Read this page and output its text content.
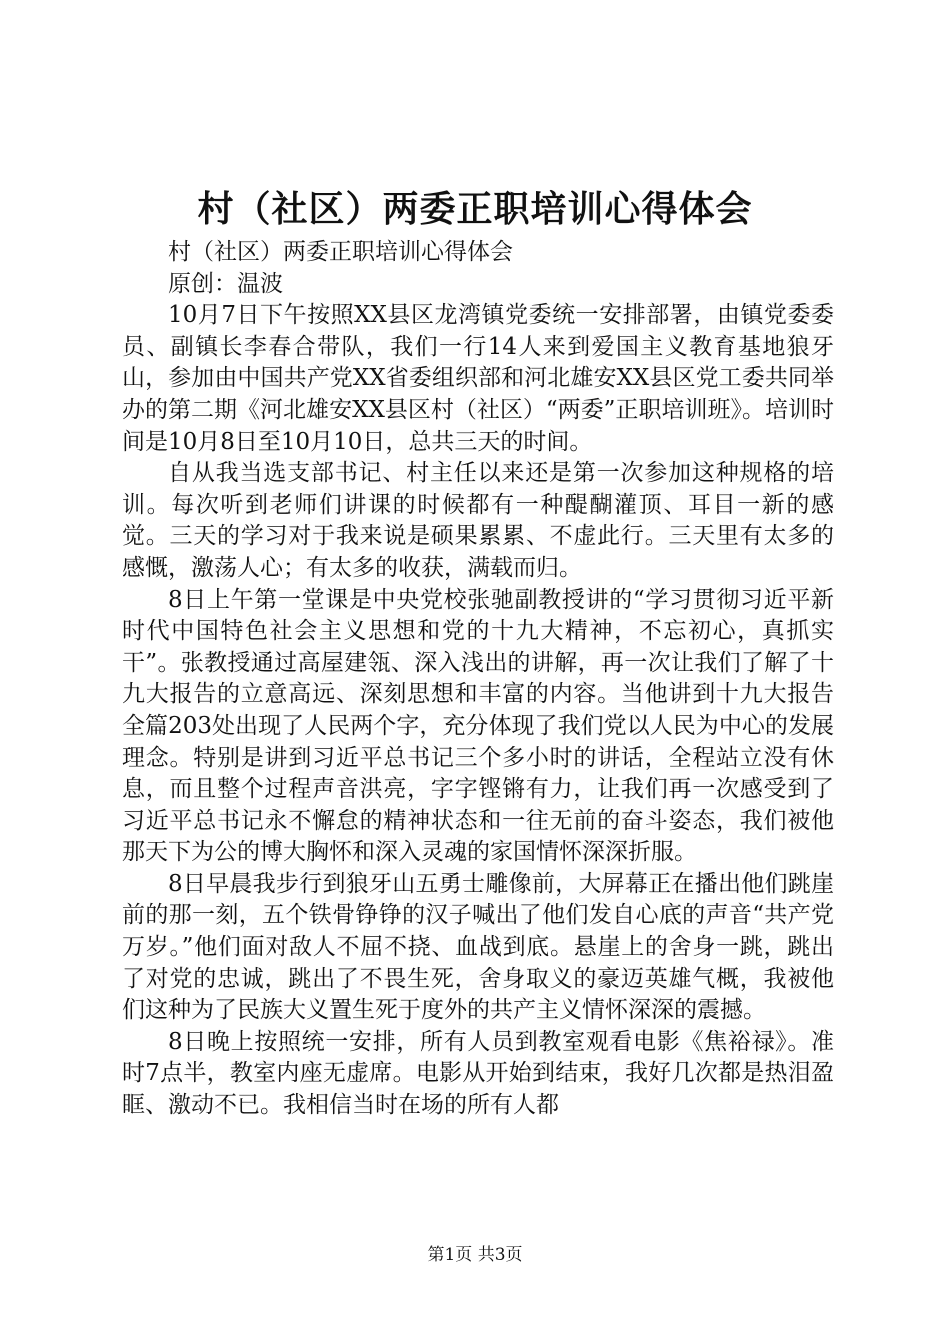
村（社区）两委正职培训心得体会

村（社区）两委正职培训心得体会

原创：温波

10月7日下午按照XX县区龙湾镇党委统一安排部署，由镇党委委员、副镇长李春合带队，我们一行14人来到爱国主义教育基地狼牙山，参加由中国共产党XX省委组织部和河北雄安XX县区党工委共同举办的第二期《河北雄安XX县区村（社区）“两委”正职培训班》。培训时间是10月8日至10月10日，总共三天的时间。

自从我当选支部书记、村主任以来还是第一次参加这种规格的培训。每次听到老师们讲课的时候都有一种醍醐灌顶、耳目一新的感觉。三天的学习对于我来说是硕果累累、不虚此行。三天里有太多的感慨，激荡人心；有太多的收获，满载而归。

8日上午第一堂课是中央党校张驰副教授讲的“学习贯彻习近平新时代中国特色社会主义思想和党的十九大精神，不忘初心，真抓实干”。张教授通过高屋建瓴、深入浅出的讲解，再一次让我们了解了十九大报告的立意高远、深刻思想和丰富的内容。当他讲到十九大报告全篇203处出现了人民两个字，充分体现了我们党以人民为中心的发展理念。特别是讲到习近平总书记三个多小时的讲话，全程站立没有休息，而且整个过程声音洪亮，字字铿锵有力，让我们再一次感受到了习近平总书记永不懈怠的精神状态和一往无前的奋斗姿态，我们被他那天下为公的博大胸怀和深入灵魂的家国情怀深深折服。

8日早晨我步行到狼牙山五勇士雕像前，大屏幕正在播出他们跳崖前的那一刻，五个铁骨铮铮的汉子喊出了他们发自心底的声音“共产党万岁。”他们面对敌人不屈不挠、血战到底。悬崖上的舍身一跳，跳出了对党的忠诚，跳出了不畏生死，舍身取义的豪迈英雄气概，我被他们这种为了民族大义置生死于度外的共产主义情怀深深的震撼。

8日晚上按照统一安排，所有人员到教室观看电影《焦裕禄》。准时7点半，教室内座无虚席。电影从开始到结束，我好几次都是热泪盈眶、激动不已。我相信当时在场的所有人都

第1页 共3页
